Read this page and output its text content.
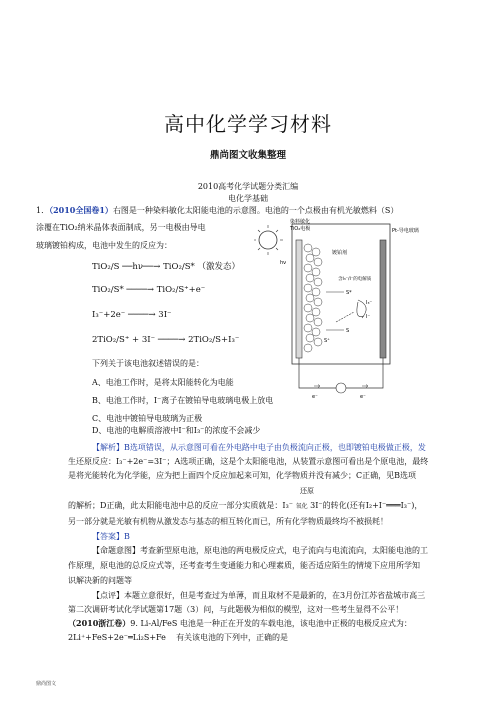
高中化学学习材料
鼎尚图文收集整理
2010高考化学试题分类汇编
电化学基础
1．（2010全国卷1）右图是一种染料敏化太阳能电池的示意图。电池的一个点极由有机光敏燃料（S）
涂覆在TiO₂纳米晶体表面制成，另一电极由导电
玻璃镀铂构成，电池中发生的反应为：
TiO₂/S ──hν──→ TiO₂/S* （激发态）
TiO₂/S* ────→ TiO₂/S⁺+e⁻
I₃⁻+2e⁻ ────→ 3I⁻
2TiO₂/S⁺ + 3I⁻ ────→ 2TiO₂/S+I₃⁻
下列关于该电池叙述错误的是：
A、电池工作时，是将太阳能转化为电能
B、电池工作时，I⁻离子在镀铂导电玻璃电极上放电
C、电池中镀铂导电玻璃为正极
D、电池的电解质溶液中I⁻和I₃⁻的浓度不会减少
hν
染料敏化
TiO₂电极	Pt-导电玻璃
镀铂剂
含I₃⁻/I⁻的电解质
S*
S
S⁺
I₃⁻
I⁻
e⁻	e⁻
【解析】B选项错误，从示意图可看在外电路中电子由负极流向正极，也即镀铂电极做正极，发
生还原反应：I₃⁻+2e⁻=3I⁻；A选项正确，这是个太阳能电池，从装置示意图可看出是个原电池，最终
是将光能转化为化学能，应为把上面四个反应加起来可知，化学物质并没有减少；C正确，见B选项
还原
的解析；D正确，此太阳能电池中总的反应一部分实质就是：I₃⁻ 氧化 3I⁻的转化(还有I₂+I⁻═══I₃⁻)，
另一部分就是光敏有机物从激发态与基态的相互转化而已，所有化学物质最终均不被损耗！
【答案】B
【命题意图】考查新型原电池，原电池的两电极反应式，电子流向与电流流向，太阳能电池的工
作原理，原电池的总反应式等，还考查考生变通能力和心理素质，能否适应陌生的情境下应用所学知
识解决新的问题等
【点评】本题立意很好，但是考查过为单薄，而且取材不是最新的，在3月份江苏省盐城市高三
第二次调研考试化学试题第17题（3）问，与此题极为相似的模型，这对一些考生显得不公平！
（2010浙江卷）9. Li-Al/FeS 电池是一种正在开发的车载电池，该电池中正极的电极反应式为：
2Li⁺+FeS+2e⁻═Li₂S+Fe 有关该电池的下列中，正确的是
鼎尚图文
